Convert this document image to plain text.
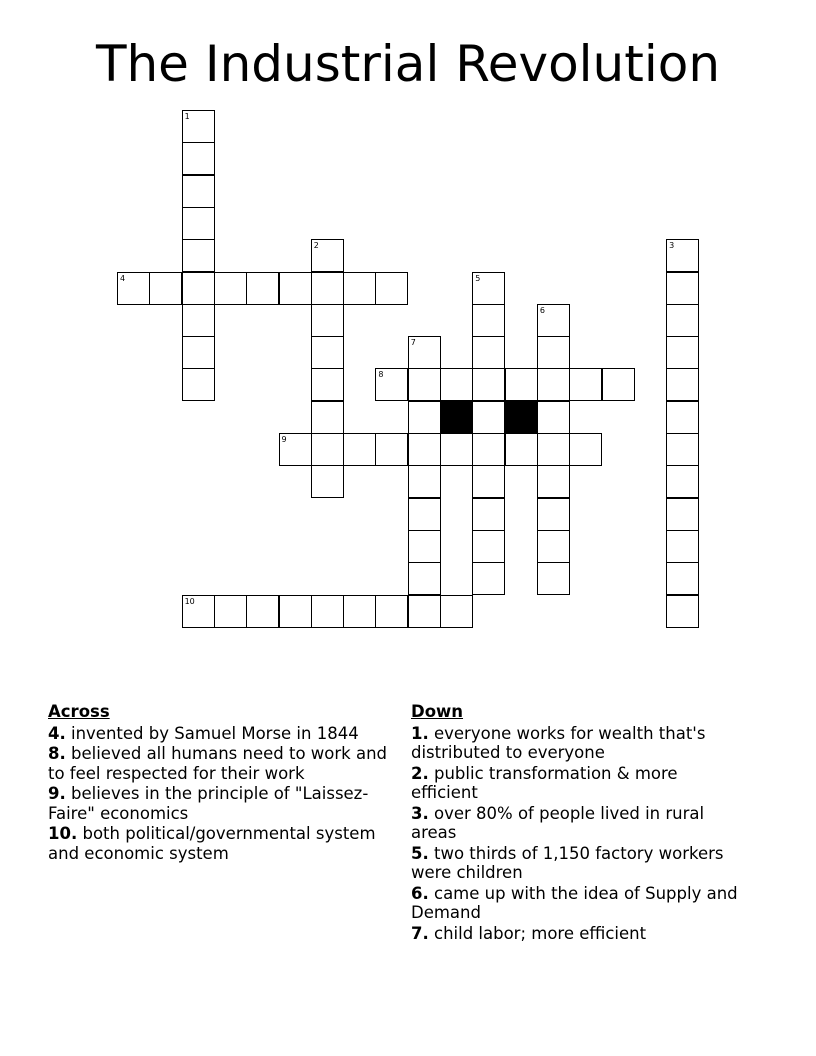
The Industrial Revolution
1
2	3
4	5
6
7
8
9
10
Across
4. invented by Samuel Morse in 1844
8. believed all humans need to work and to feel respected for their work
9. believes in the principle of "Laissez-Faire" economics
10. both political/governmental system and economic system
Down
1. everyone works for wealth that's distributed to everyone
2. public transformation & more efficient
3. over 80% of people lived in rural areas
5. two thirds of 1,150 factory workers were children
6. came up with the idea of Supply and Demand
7. child labor; more efficient
